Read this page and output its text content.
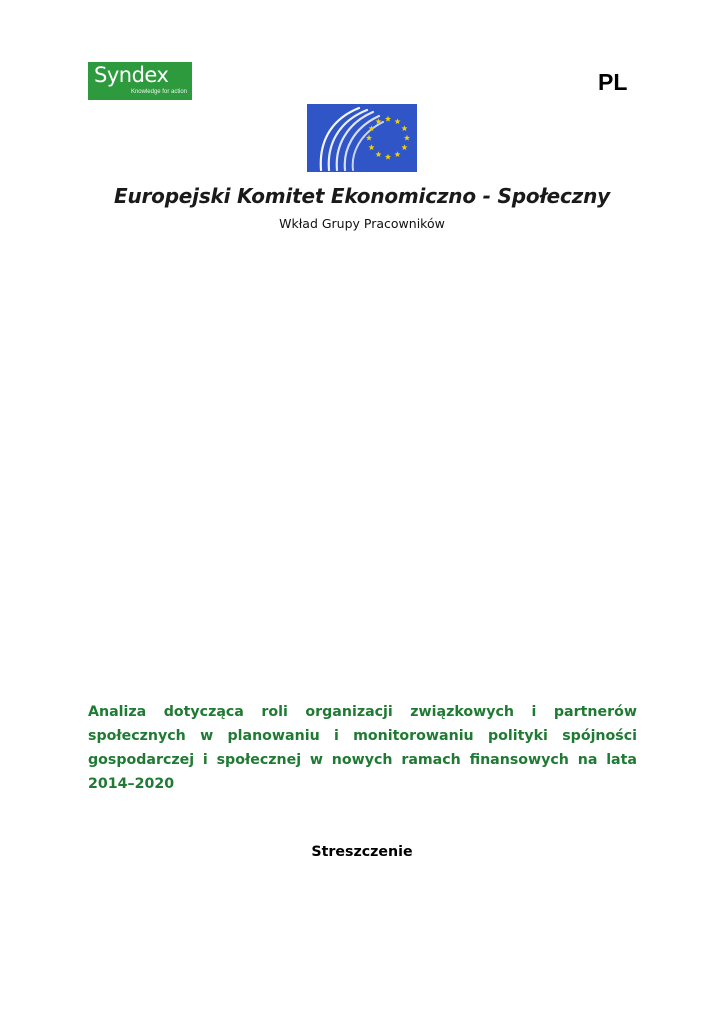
Syndex
Knowledge for action	PL
Europejski Komitet Ekonomiczno - Społeczny
Wkład Grupy Pracowników

Analiza dotycząca roli organizacji związkowych i partnerów społecznych w planowaniu i monitorowaniu polityki spójności gospodarczej i społecznej w nowych ramach finansowych na lata 2014–2020

Streszczenie
